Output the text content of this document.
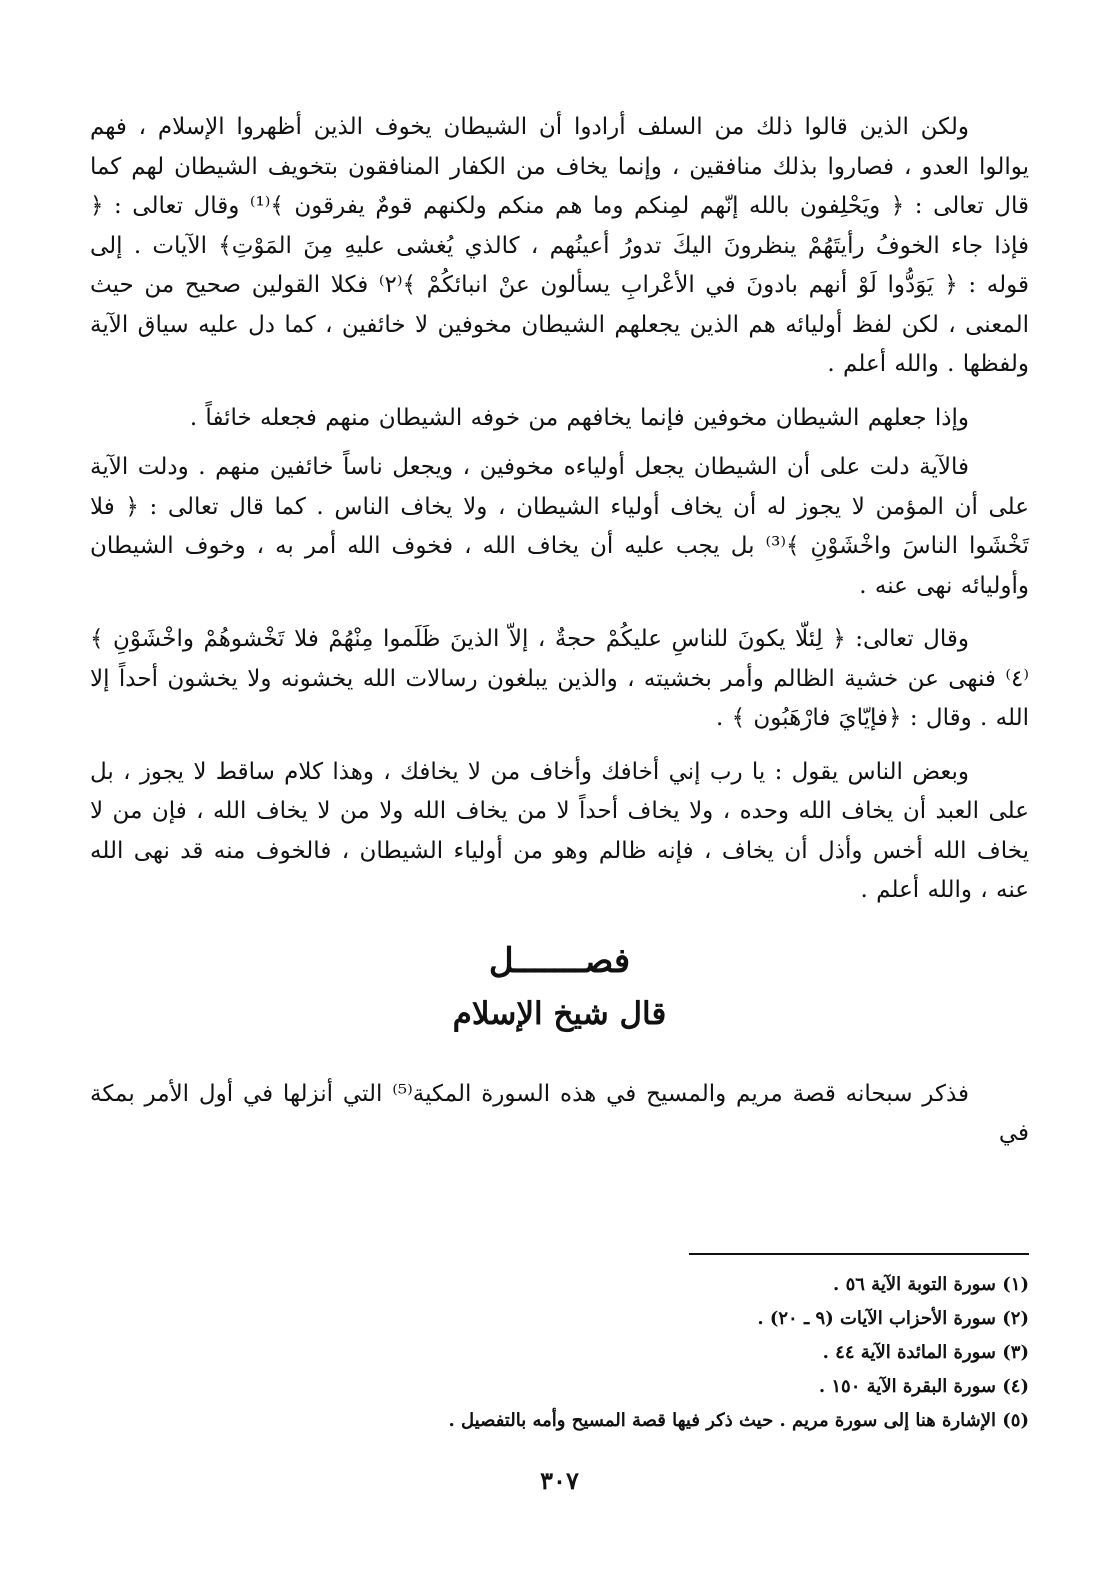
ولكن الذين قالوا ذلك من السلف أرادوا أن الشيطان يخوف الذين أظهروا الإسلام ، فهم يوالوا العدو ، فصاروا بذلك منافقين ، وإنما يخاف من الكفار المنافقون بتخويف الشيطان لهم كما قال تعالى : ﴿ ويَحْلِفون بالله إنّهم لمِنكم وما هم منكم ولكنهم قومٌ يفرقون ﴾⁽¹⁾ وقال تعالى : ﴿ فإذا جاء الخوفُ رأيتَهُمْ ينظرونَ اليكَ تدورُ أعينُهم ، كالذي يُغشى عليهِ مِنَ المَوْتِ﴾ الآيات . إلى قوله : ﴿ يَوَدُّوا لَوْ أنهم بادونَ في الأعْرابِ يسألون عنْ انبائكُمْ ﴾⁽٢⁾ فكلا القولين صحيح من حيث المعنى ، لكن لفظ أوليائه هم الذين يجعلهم الشيطان مخوفين لا خائفين ، كما دل عليه سياق الآية ولفظها . والله أعلم .

وإذا جعلهم الشيطان مخوفين فإنما يخافهم من خوفه الشيطان منهم فجعله خائفاً .

فالآية دلت على أن الشيطان يجعل أولياءه مخوفين ، ويجعل ناساً خائفين منهم . ودلت الآية على أن المؤمن لا يجوز له أن يخاف أولياء الشيطان ، ولا يخاف الناس . كما قال تعالى : ﴿ فلا تَخْشَوا الناسَ واخْشَوْنِ ﴾⁽³⁾ بل يجب عليه أن يخاف الله ، فخوف الله أمر به ، وخوف الشيطان وأوليائه نهى عنه .

وقال تعالى: ﴿ لِئلّا يكونَ للناسِ عليكُمْ حجةٌ ، إلاّ الذينَ ظَلَموا مِنْهُمْ فلا تَخْشوهُمْ واخْشَوْنِ ﴾⁽٤⁾ فنهى عن خشية الظالم وأمر بخشيته ، والذين يبلغون رسالات الله يخشونه ولا يخشون أحداً إلا الله . وقال : ﴿فإيّايَ فارْهَبُون ﴾ .

وبعض الناس يقول : يا رب إني أخافك وأخاف من لا يخافك ، وهذا كلام ساقط لا يجوز ، بل على العبد أن يخاف الله وحده ، ولا يخاف أحداً لا من يخاف الله ولا من لا يخاف الله ، فإن من لا يخاف الله أخس وأذل أن يخاف ، فإنه ظالم وهو من أولياء الشيطان ، فالخوف منه قد نهى الله عنه ، والله أعلم .

فصـــــــل

قال شيخ الإسلام

فذكر سبحانه قصة مريم والمسيح في هذه السورة المكية⁽⁵⁾ التي أنزلها في أول الأمر بمكة في

(١) سورة التوبة الآية ٥٦ .

(٢) سورة الأحزاب الآيات (٩ ـ ٢٠) .

(٣) سورة المائدة الآية ٤٤ .

(٤) سورة البقرة الآية ١٥٠ .

(٥) الإشارة هنا إلى سورة مريم . حيث ذكر فيها قصة المسيح وأمه بالتفصيل .

٣٠٧
